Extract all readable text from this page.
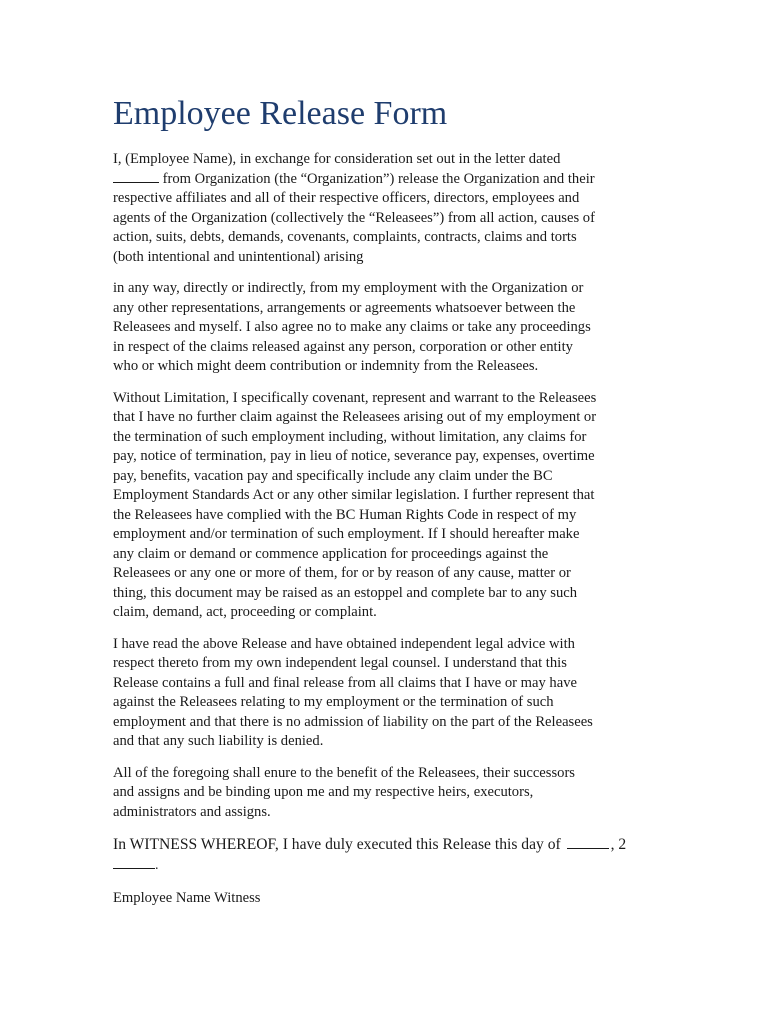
Employee Release Form

I, (Employee Name), in exchange for consideration set out in the letter dated
from Organization (the “Organization”) release the Organization and their
respective affiliates and all of their respective officers, directors, employees and
agents of the Organization (collectively the “Releasees”) from all action, causes of
action, suits, debts, demands, covenants, complaints, contracts, claims and torts
(both intentional and unintentional) arising

in any way, directly or indirectly, from my employment with the Organization or
any other representations, arrangements or agreements whatsoever between the
Releasees and myself. I also agree no to make any claims or take any proceedings
in respect of the claims released against any person, corporation or other entity
who or which might deem contribution or indemnity from the Releasees.

Without Limitation, I specifically covenant, represent and warrant to the Releasees
that I have no further claim against the Releasees arising out of my employment or
the termination of such employment including, without limitation, any claims for
pay, notice of termination, pay in lieu of notice, severance pay, expenses, overtime
pay, benefits, vacation pay and specifically include any claim under the BC
Employment Standards Act or any other similar legislation. I further represent that
the Releasees have complied with the BC Human Rights Code in respect of my
employment and/or termination of such employment. If I should hereafter make
any claim or demand or commence application for proceedings against the
Releasees or any one or more of them, for or by reason of any cause, matter or
thing, this document may be raised as an estoppel and complete bar to any such
claim, demand, act, proceeding or complaint.

I have read the above Release and have obtained independent legal advice with
respect thereto from my own independent legal counsel. I understand that this
Release contains a full and final release from all claims that I have or may have
against the Releasees relating to my employment or the termination of such
employment and that there is no admission of liability on the part of the Releasees
and that any such liability is denied.

All of the foregoing shall enure to the benefit of the Releasees, their successors
and assigns and be binding upon me and my respective heirs, executors,
administrators and assigns.

In WITNESS WHEREOF, I have duly executed this Release this day of	, 2
.
Employee Name Witness
